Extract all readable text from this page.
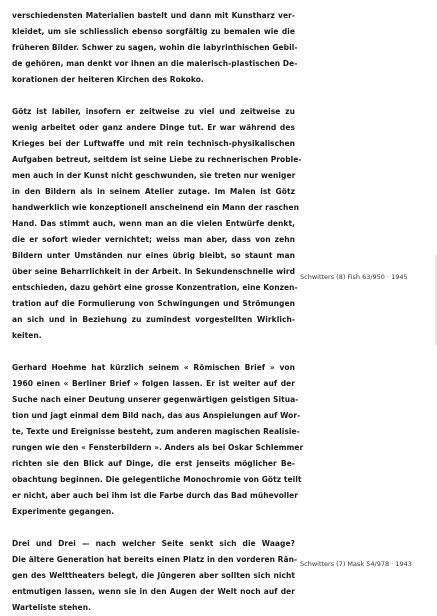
verschiedensten Materialien bastelt und dann mit Kunstharz ver-
kleidet, um sie schliesslich ebenso sorgfältig zu bemalen wie die
früheren Bilder. Schwer zu sagen, wohin die labyrinthischen Gebil-
de gehören, man denkt vor ihnen an die malerisch-plastischen De-
korationen der heiteren Kirchen des Rokoko.

Götz ist labiler, insofern er zeitweise zu viel und zeitweise zu
wenig arbeitet oder ganz andere Dinge tut. Er war während des
Krieges bei der Luftwaffe und mit rein technisch-physikalischen
Aufgaben betreut, seitdem ist seine Liebe zu rechnerischen Proble-
men auch in der Kunst nicht geschwunden, sie treten nur weniger
in den Bildern als in seinem Atelier zutage. Im Malen ist Götz
handwerklich wie konzeptionell anscheinend ein Mann der raschen
Hand. Das stimmt auch, wenn man an die vielen Entwürfe denkt,
die er sofort wieder vernichtet; weiss man aber, dass von zehn
Bildern unter Umständen nur eines übrig bleibt, so staunt man
über seine Beharrlichkeit in der Arbeit. In Sekundenschnelle wird
entschieden, dazu gehört eine grosse Konzentration, eine Konzen-
tration auf die Formulierung von Schwingungen und Strömungen
an sich und in Beziehung zu zumindest vorgestellten Wirklich-
keiten.

Gerhard Hoehme hat kürzlich seinem « Römischen Brief » von
1960 einen « Berliner Brief » folgen lassen. Er ist weiter auf der
Suche nach einer Deutung unserer gegenwärtigen geistigen Situa-
tion und jagt einmal dem Bild nach, das aus Anspielungen auf Wor-
te, Texte und Ereignisse besteht, zum anderen magischen Realisie-
rungen wie den « Fensterbildern ». Anders als bei Oskar Schlemmer
richten sie den Blick auf Dinge, die erst jenseits möglicher Be-
obachtung beginnen. Die gelegentliche Monochromie von Götz teilt
er nicht, aber auch bei ihm ist die Farbe durch das Bad mühevoller
Experimente gegangen.

Drei und Drei — nach welcher Seite senkt sich die Waage?
Die ältere Generation hat bereits einen Platz in den vorderen Rän-
gen des Welttheaters belegt, die Jüngeren aber sollten sich nicht
entmutigen lassen, wenn sie in den Augen der Welt noch auf der
Warteliste stehen.

Schwitters (8) Fish 63/950 · 1945
Schwitters (7) Mask 54/978 · 1943
